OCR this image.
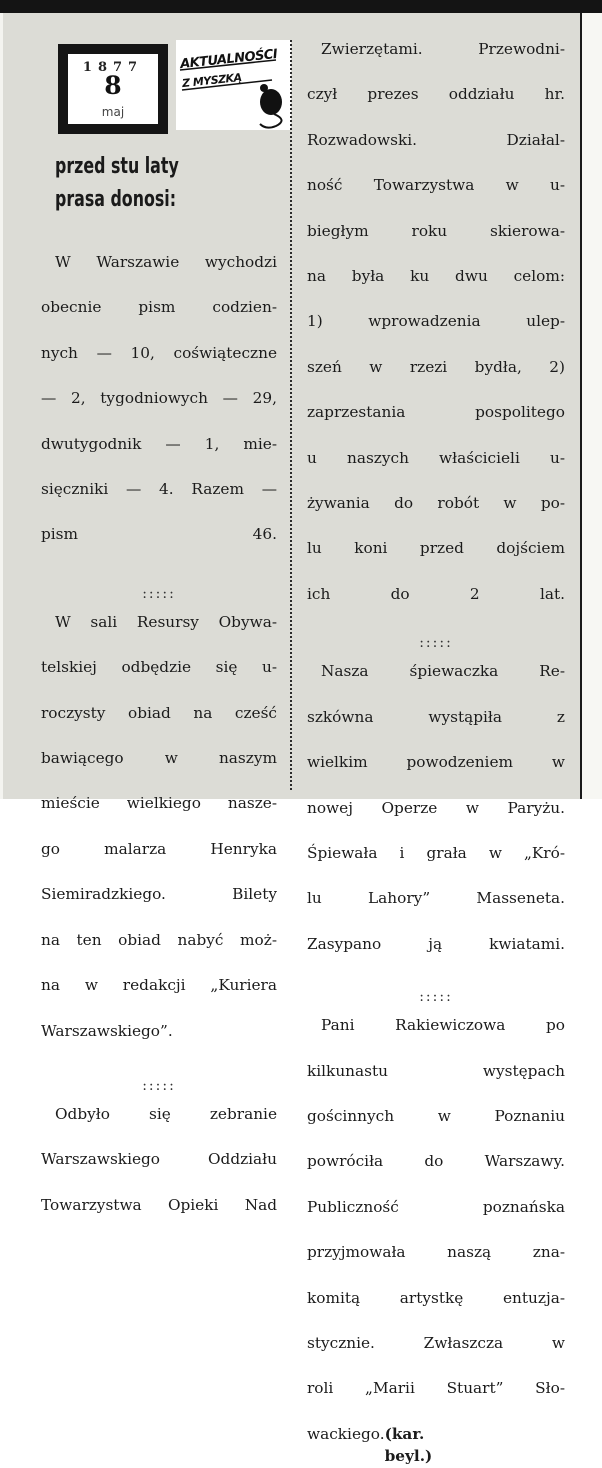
1877
8
maj
AKTUALNOŚCI
Z MYSZKĄ
przed stu laty
prasa donosi:

W Warszawie wychodzi

obecnie pism codzien-

nych — 10, coświąteczne

— 2, tygodniowych — 29,

dwutygodnik — 1, mie-

sięczniki — 4. Razem —

pism 46.

:::::

W sali Resursy Obywa-

telskiej odbędzie się u-

roczysty obiad na cześć

bawiącego w naszym

mieście wielkiego nasze-

go malarza Henryka

Siemiradzkiego. Bilety

na ten obiad nabyć moż-

na w redakcji „Kuriera

Warszawskiego”.

:::::

Odbyło się zebranie

Warszawskiego Oddziału

Towarzystwa Opieki Nad

Zwierzętami. Przewodni-

czył prezes oddziału hr.

Rozwadowski. Działal-

ność Towarzystwa w u-

biegłym roku skierowa-

na była ku dwu celom:

1) wprowadzenia ulep-

szeń w rzezi bydła, 2)

zaprzestania pospolitego

u naszych właścicieli u-

żywania do robót w po-

lu koni przed dojściem

ich do 2 lat.

:::::

Nasza śpiewaczka Re-

szkówna wystąpiła z

wielkim powodzeniem w

nowej Operze w Paryżu.

Śpiewała i grała w „Kró-

lu Lahory” Masseneta.

Zasypano ją kwiatami.

:::::

Pani Rakiewiczowa po

kilkunastu występach

gościnnych w Poznaniu

powróciła do Warszawy.

Publiczność poznańska

przyjmowała naszą zna-

komitą artystkę entuzja-

stycznie. Zwłaszcza w

roli „Marii Stuart” Sło-

wackiego. (kar. beyl.)
